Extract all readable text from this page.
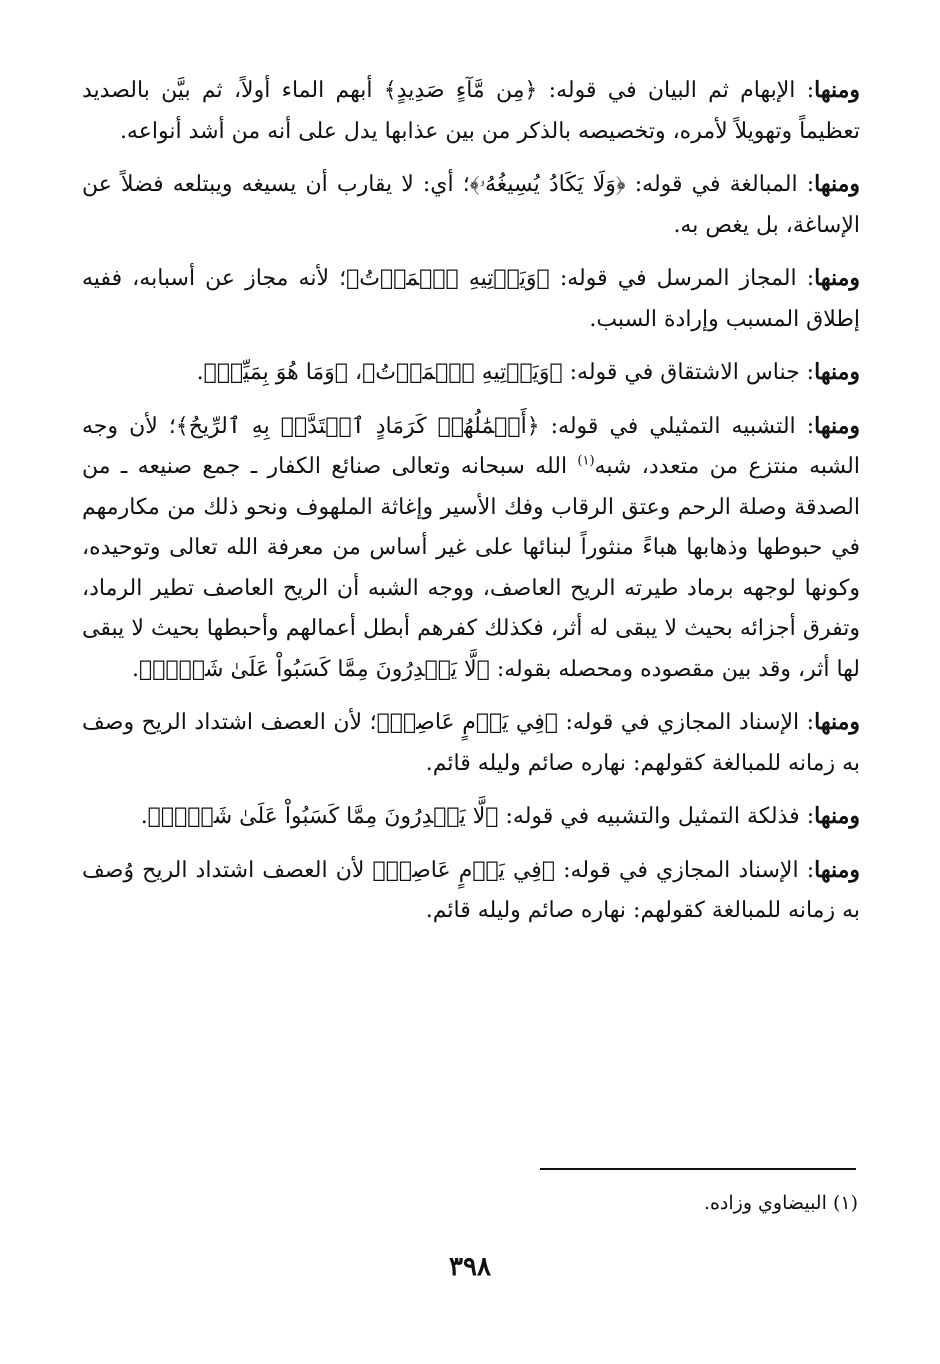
ومنها: الإبهام ثم البيان في قوله: ﴿مِن مَّآءٍ صَدِيدٍ﴾ أبهم الماء أولاً، ثم بيَّن بالصديد تعظيماً وتهويلاً لأمره، وتخصيصه بالذكر من بين عذابها يدل على أنه من أشد أنواعه.

ومنها: المبالغة في قوله: ﴿وَلَا يَكَادُ يُسِيغُهُۥ﴾؛ أي: لا يقارب أن يسيغه ويبتلعه فضلاً عن الإساغة، بل يغص به.

ومنها: المجاز المرسل في قوله: ﴿وَيَأۡتِيهِ ٱلۡمَوۡتُ﴾؛ لأنه مجاز عن أسبابه، ففيه إطلاق المسبب وإرادة السبب.

ومنها: جناس الاشتقاق في قوله: ﴿وَيَأۡتِيهِ ٱلۡمَوۡتُ﴾، ﴿وَمَا هُوَ بِمَيِّتٖ﴾.

ومنها: التشبيه التمثيلي في قوله: ﴿أَعۡمَٰلُهُمۡ كَرَمَادٍ ٱشۡتَدَّتۡ بِهِ ٱلرِّيحُ﴾؛ لأن وجه الشبه منتزع من متعدد، شبه$^{(١)}$ الله سبحانه وتعالى صنائع الكفار ـ جمع صنيعه ـ من الصدقة وصلة الرحم وعتق الرقاب وفك الأسير وإغاثة الملهوف ونحو ذلك من مكارمهم في حبوطها وذهابها هباءً منثوراً لبنائها على غير أساس من معرفة الله تعالى وتوحيده، وكونها لوجهه برماد طيرته الريح العاصف، ووجه الشبه أن الريح العاصف تطير الرماد، وتفرق أجزائه بحيث لا يبقى له أثر، فكذلك كفرهم أبطل أعمالهم وأحبطها بحيث لا يبقى لها أثر، وقد بين مقصوده ومحصله بقوله: ﴿لَّا يَقۡدِرُونَ مِمَّا كَسَبُواْ عَلَىٰ شَيۡءٖ﴾.

ومنها: الإسناد المجازي في قوله: ﴿فِي يَوۡمٍ عَاصِفٖ﴾؛ لأن العصف اشتداد الريح وصف به زمانه للمبالغة كقولهم: نهاره صائم وليله قائم.

ومنها: فذلكة التمثيل والتشبيه في قوله: ﴿لَّا يَقۡدِرُونَ مِمَّا كَسَبُواْ عَلَىٰ شَيۡءٖ﴾.

ومنها: الإسناد المجازي في قوله: ﴿فِي يَوۡمٍ عَاصِفٖ﴾ لأن العصف اشتداد الريح وُصف به زمانه للمبالغة كقولهم: نهاره صائم وليله قائم.

(١) البيضاوي وزاده.
٣٩٨
